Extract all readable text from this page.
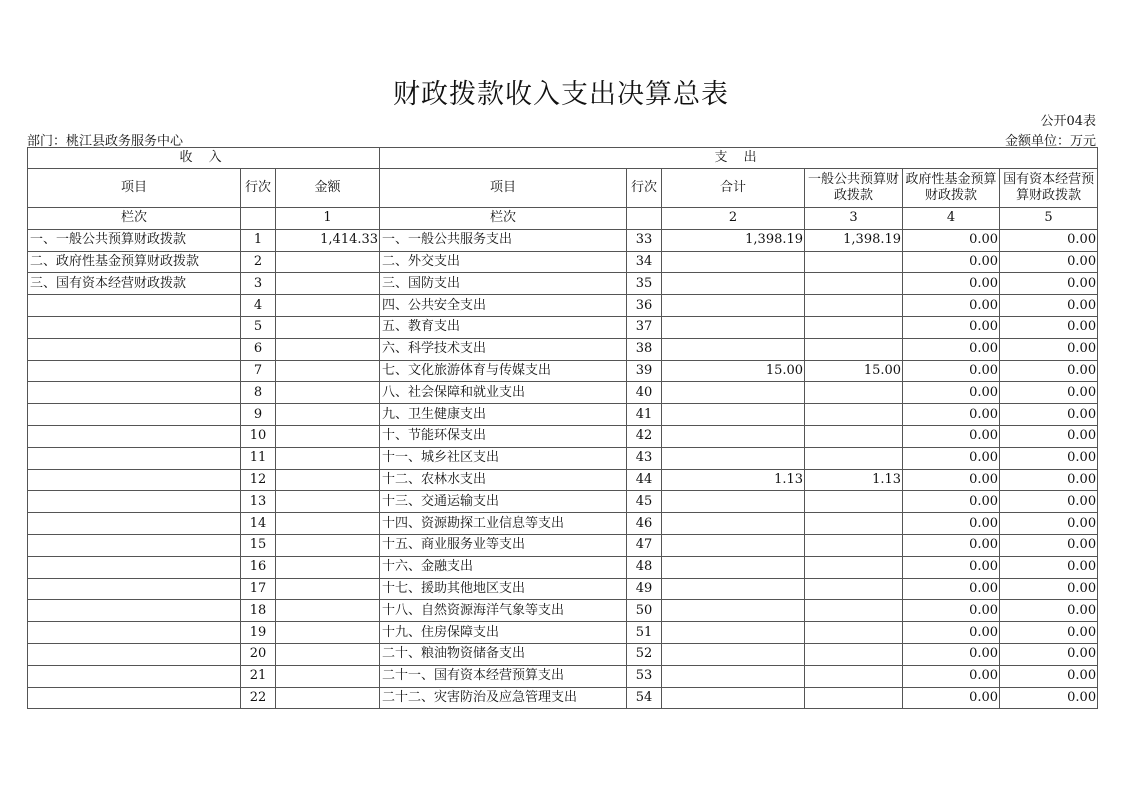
财政拨款收入支出决算总表
公开04表
部门：桃江县政务服务中心	金额单位：万元
收 入			支 出					
项目	行次	金额	项目	行次	合计	一般公共预算财政拨款	政府性基金预算财政拨款	国有资本经营预算财政拨款
栏次		1	栏次		2	3	4	5
一、一般公共预算财政拨款	1	1,414.33	一、一般公共服务支出	33	1,398.19	1,398.19	0.00	0.00
二、政府性基金预算财政拨款	2		二、外交支出	34			0.00	0.00
三、国有资本经营财政拨款	3		三、国防支出	35			0.00	0.00
	4		四、公共安全支出	36			0.00	0.00
	5		五、教育支出	37			0.00	0.00
	6		六、科学技术支出	38			0.00	0.00
	7		七、文化旅游体育与传媒支出	39	15.00	15.00	0.00	0.00
	8		八、社会保障和就业支出	40			0.00	0.00
	9		九、卫生健康支出	41			0.00	0.00
	10		十、节能环保支出	42			0.00	0.00
	11		十一、城乡社区支出	43			0.00	0.00
	12		十二、农林水支出	44	1.13	1.13	0.00	0.00
	13		十三、交通运输支出	45			0.00	0.00
	14		十四、资源勘探工业信息等支出	46			0.00	0.00
	15		十五、商业服务业等支出	47			0.00	0.00
	16		十六、金融支出	48			0.00	0.00
	17		十七、援助其他地区支出	49			0.00	0.00
	18		十八、自然资源海洋气象等支出	50			0.00	0.00
	19		十九、住房保障支出	51			0.00	0.00
	20		二十、粮油物资储备支出	52			0.00	0.00
	21		二十一、国有资本经营预算支出	53			0.00	0.00
	22		二十二、灾害防治及应急管理支出	54			0.00	0.00
